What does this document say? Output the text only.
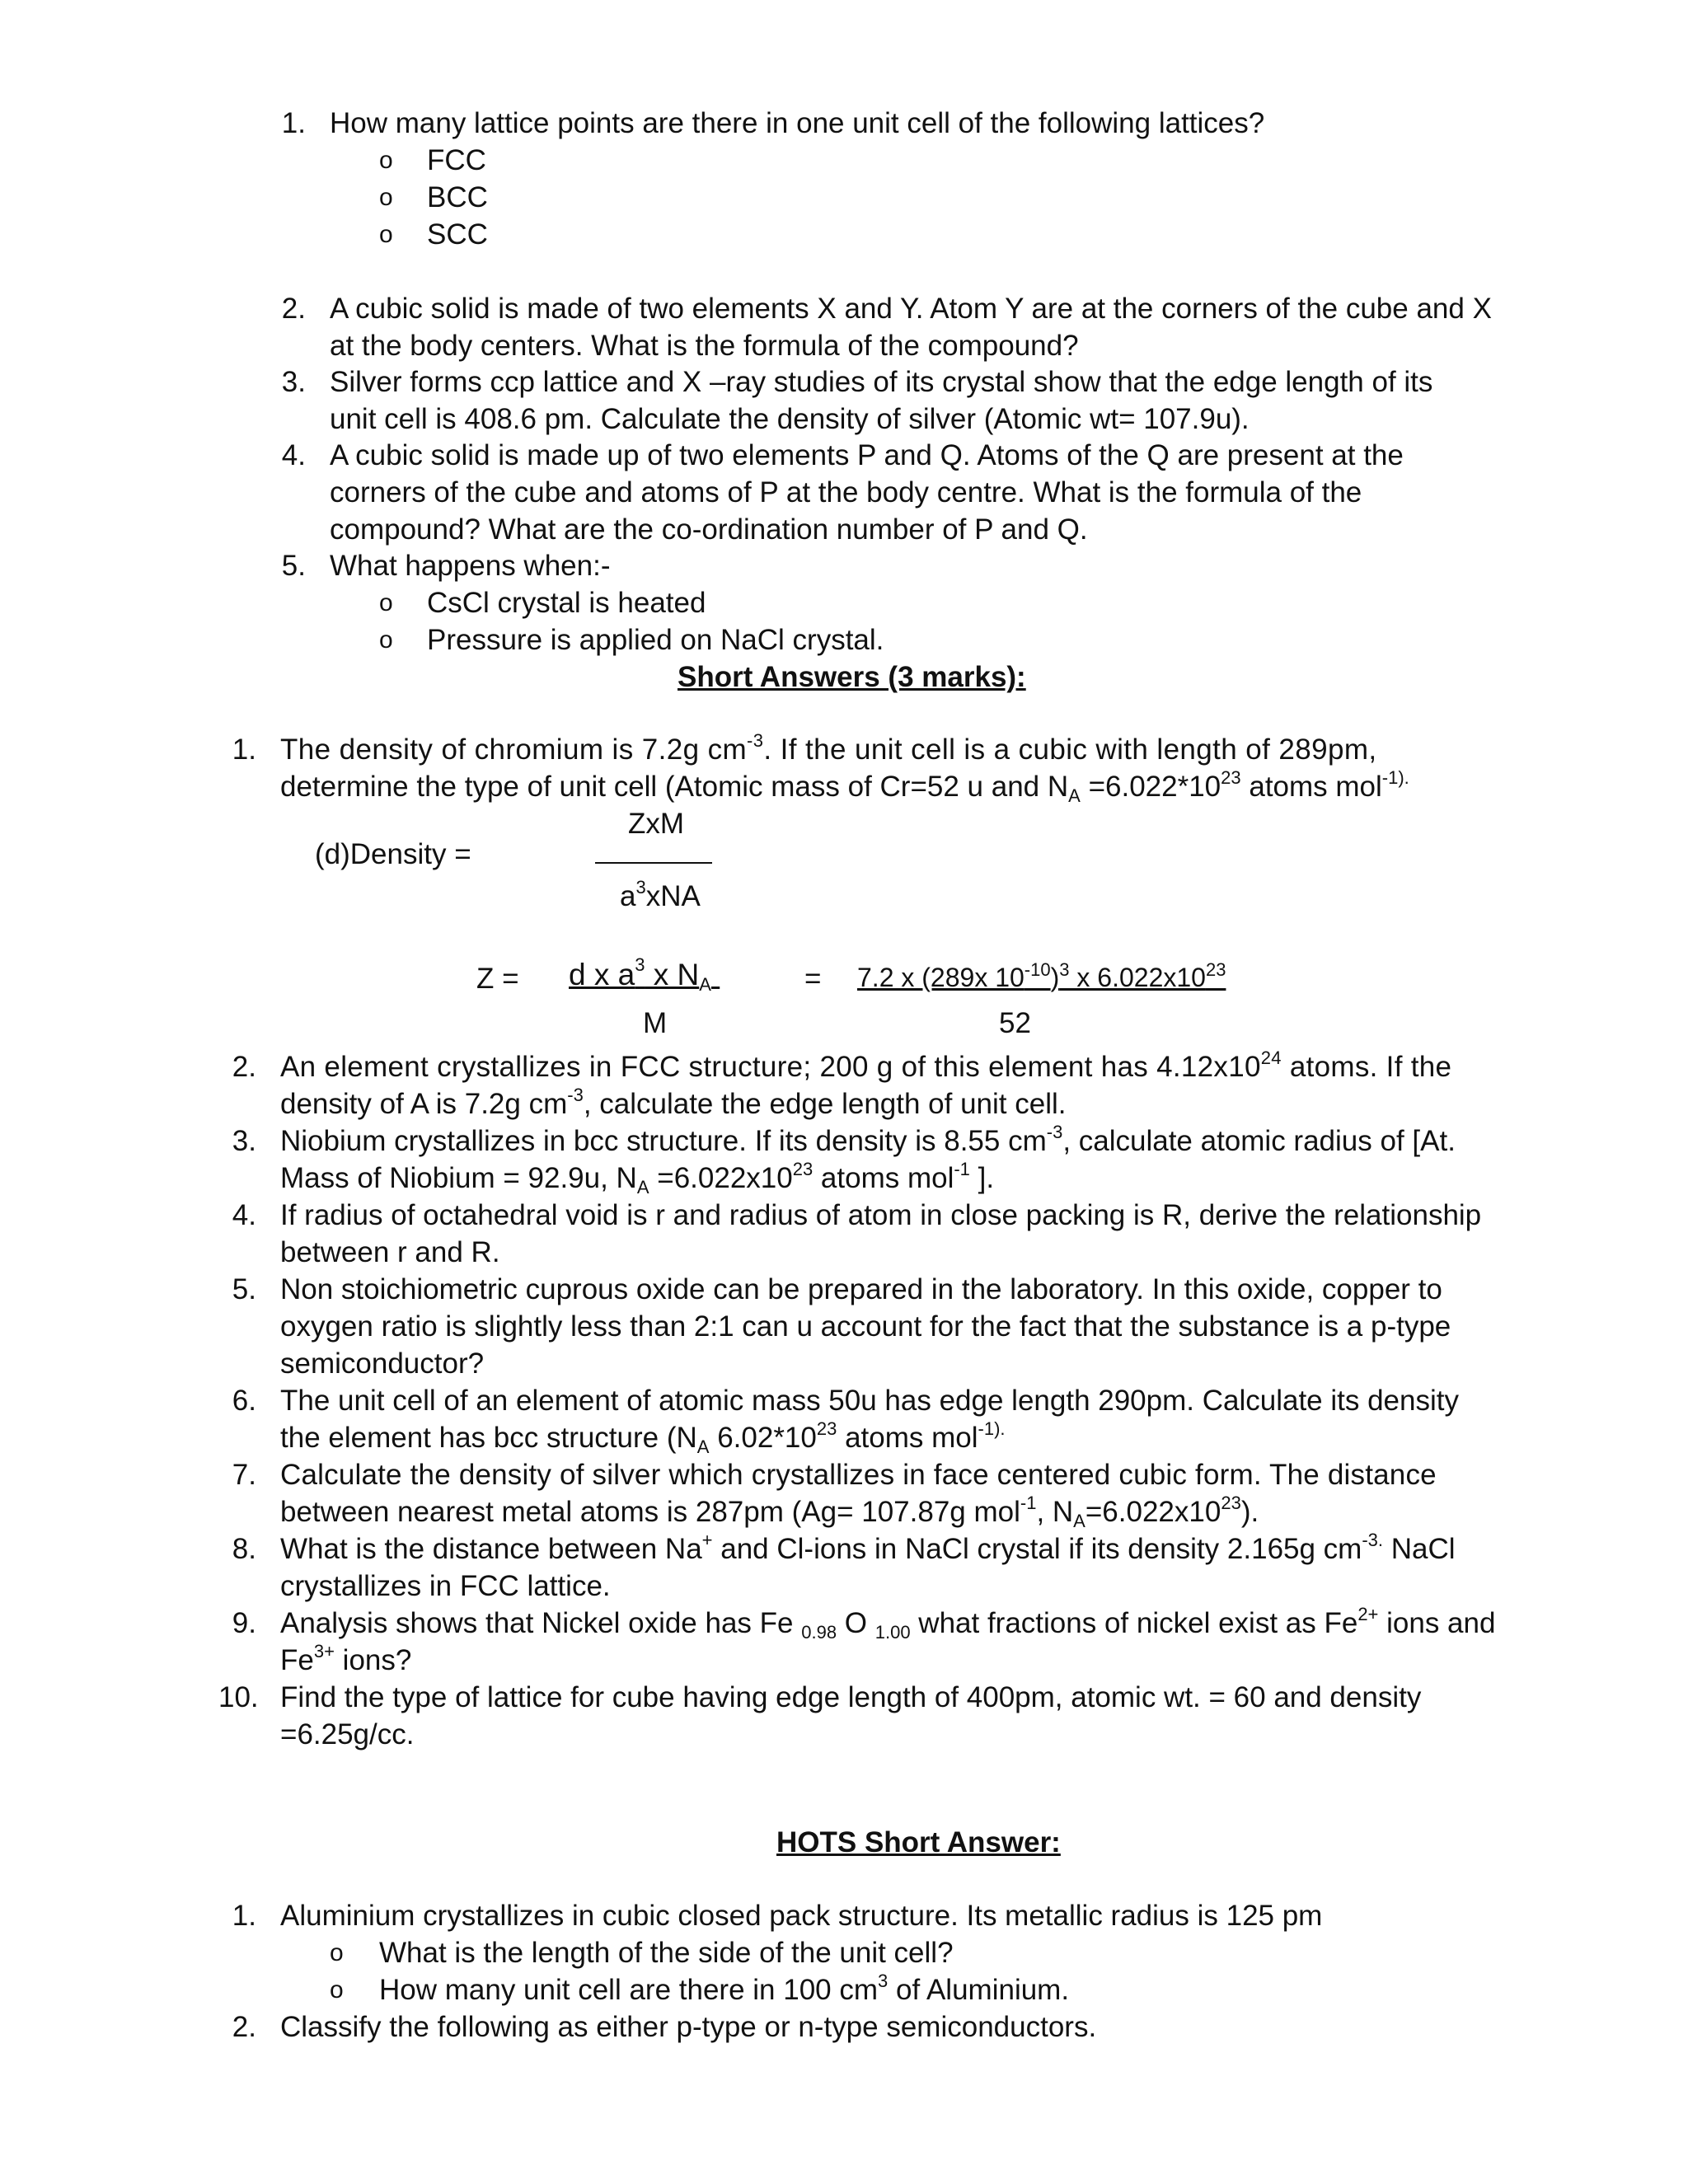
1. How many lattice points are there in one unit cell of the following lattices?
o FCC
o BCC
o SCC
2. A cubic solid is made of two elements X and Y. Atom Y are at the corners of the cube and X
at the body centers. What is the formula of the compound?
3. Silver forms ccp lattice and X –ray studies of its crystal show that the edge length of its
unit cell is 408.6 pm. Calculate the density of silver (Atomic wt= 107.9u).
4. A cubic solid is made up of two elements P and Q. Atoms of the Q are present at the
corners of the cube and atoms of P at the body centre. What is the formula of the
compound? What are the co-ordination number of P and Q.
5. What happens when:-
o CsCl crystal is heated
o Pressure is applied on NaCl crystal.
Short Answers (3 marks):
1. The density of chromium is 7.2g $cm^{-3}$. If the unit cell is a cubic with length of 289pm,
determine the type of unit cell (Atomic mass of Cr=52 u and $N_A =6.022*10^{23}$ atoms mol$^{-1).}$
ZxM
(d)Density =
$a^3xNA$
Z = d x $a^3$ x $N_A$	= 7.2 x (289x $10^{-10})^3$ x $6.022x10^{23}$
M	52
2. An element crystallizes in FCC structure; 200 g of this element has $4.12x10^{24}$ atoms. If the
density of A is 7.2g $cm^{-3}$, calculate the edge length of unit cell.
3. Niobium crystallizes in bcc structure. If its density is 8.55 $cm^{-3}$, calculate atomic radius of [At.
Mass of Niobium = 92.9u, $N_A =6.022x10^{23}$ atoms mol$^{-1}$ ].
4. If radius of octahedral void is r and radius of atom in close packing is R, derive the relationship
between r and R.
5. Non stoichiometric cuprous oxide can be prepared in the laboratory. In this oxide, copper to
oxygen ratio is slightly less than 2:1 can u account for the fact that the substance is a p-type
semiconductor?
6. The unit cell of an element of atomic mass 50u has edge length 290pm. Calculate its density
the element has bcc structure ($N_A$ $6.02*10^{23}$ atoms mol$^{-1).}$
7. Calculate the density of silver which crystallizes in face centered cubic form. The distance
between nearest metal atoms is 287pm (Ag= 107.87g mol$^{-1}$, $N_A=6.022x10^{23}$).
8. What is the distance between Na+ and Cl-ions in NaCl crystal if its density 2.165g $cm^{-3.}$ NaCl
crystallizes in FCC lattice.
9. Analysis shows that Nickel oxide has Fe $_{0.98}$ O $_{1.00}$ what fractions of nickel exist as $Fe^{2+}$ ions and
$Fe^{3+}$ ions?
10. Find the type of lattice for cube having edge length of 400pm, atomic wt. = 60 and density
=6.25g/cc.
HOTS Short Answer:
1. Aluminium crystallizes in cubic closed pack structure. Its metallic radius is 125 pm
o What is the length of the side of the unit cell?
o How many unit cell are there in 100 $cm^3$ of Aluminium.
2. Classify the following as either p-type or n-type semiconductors.
